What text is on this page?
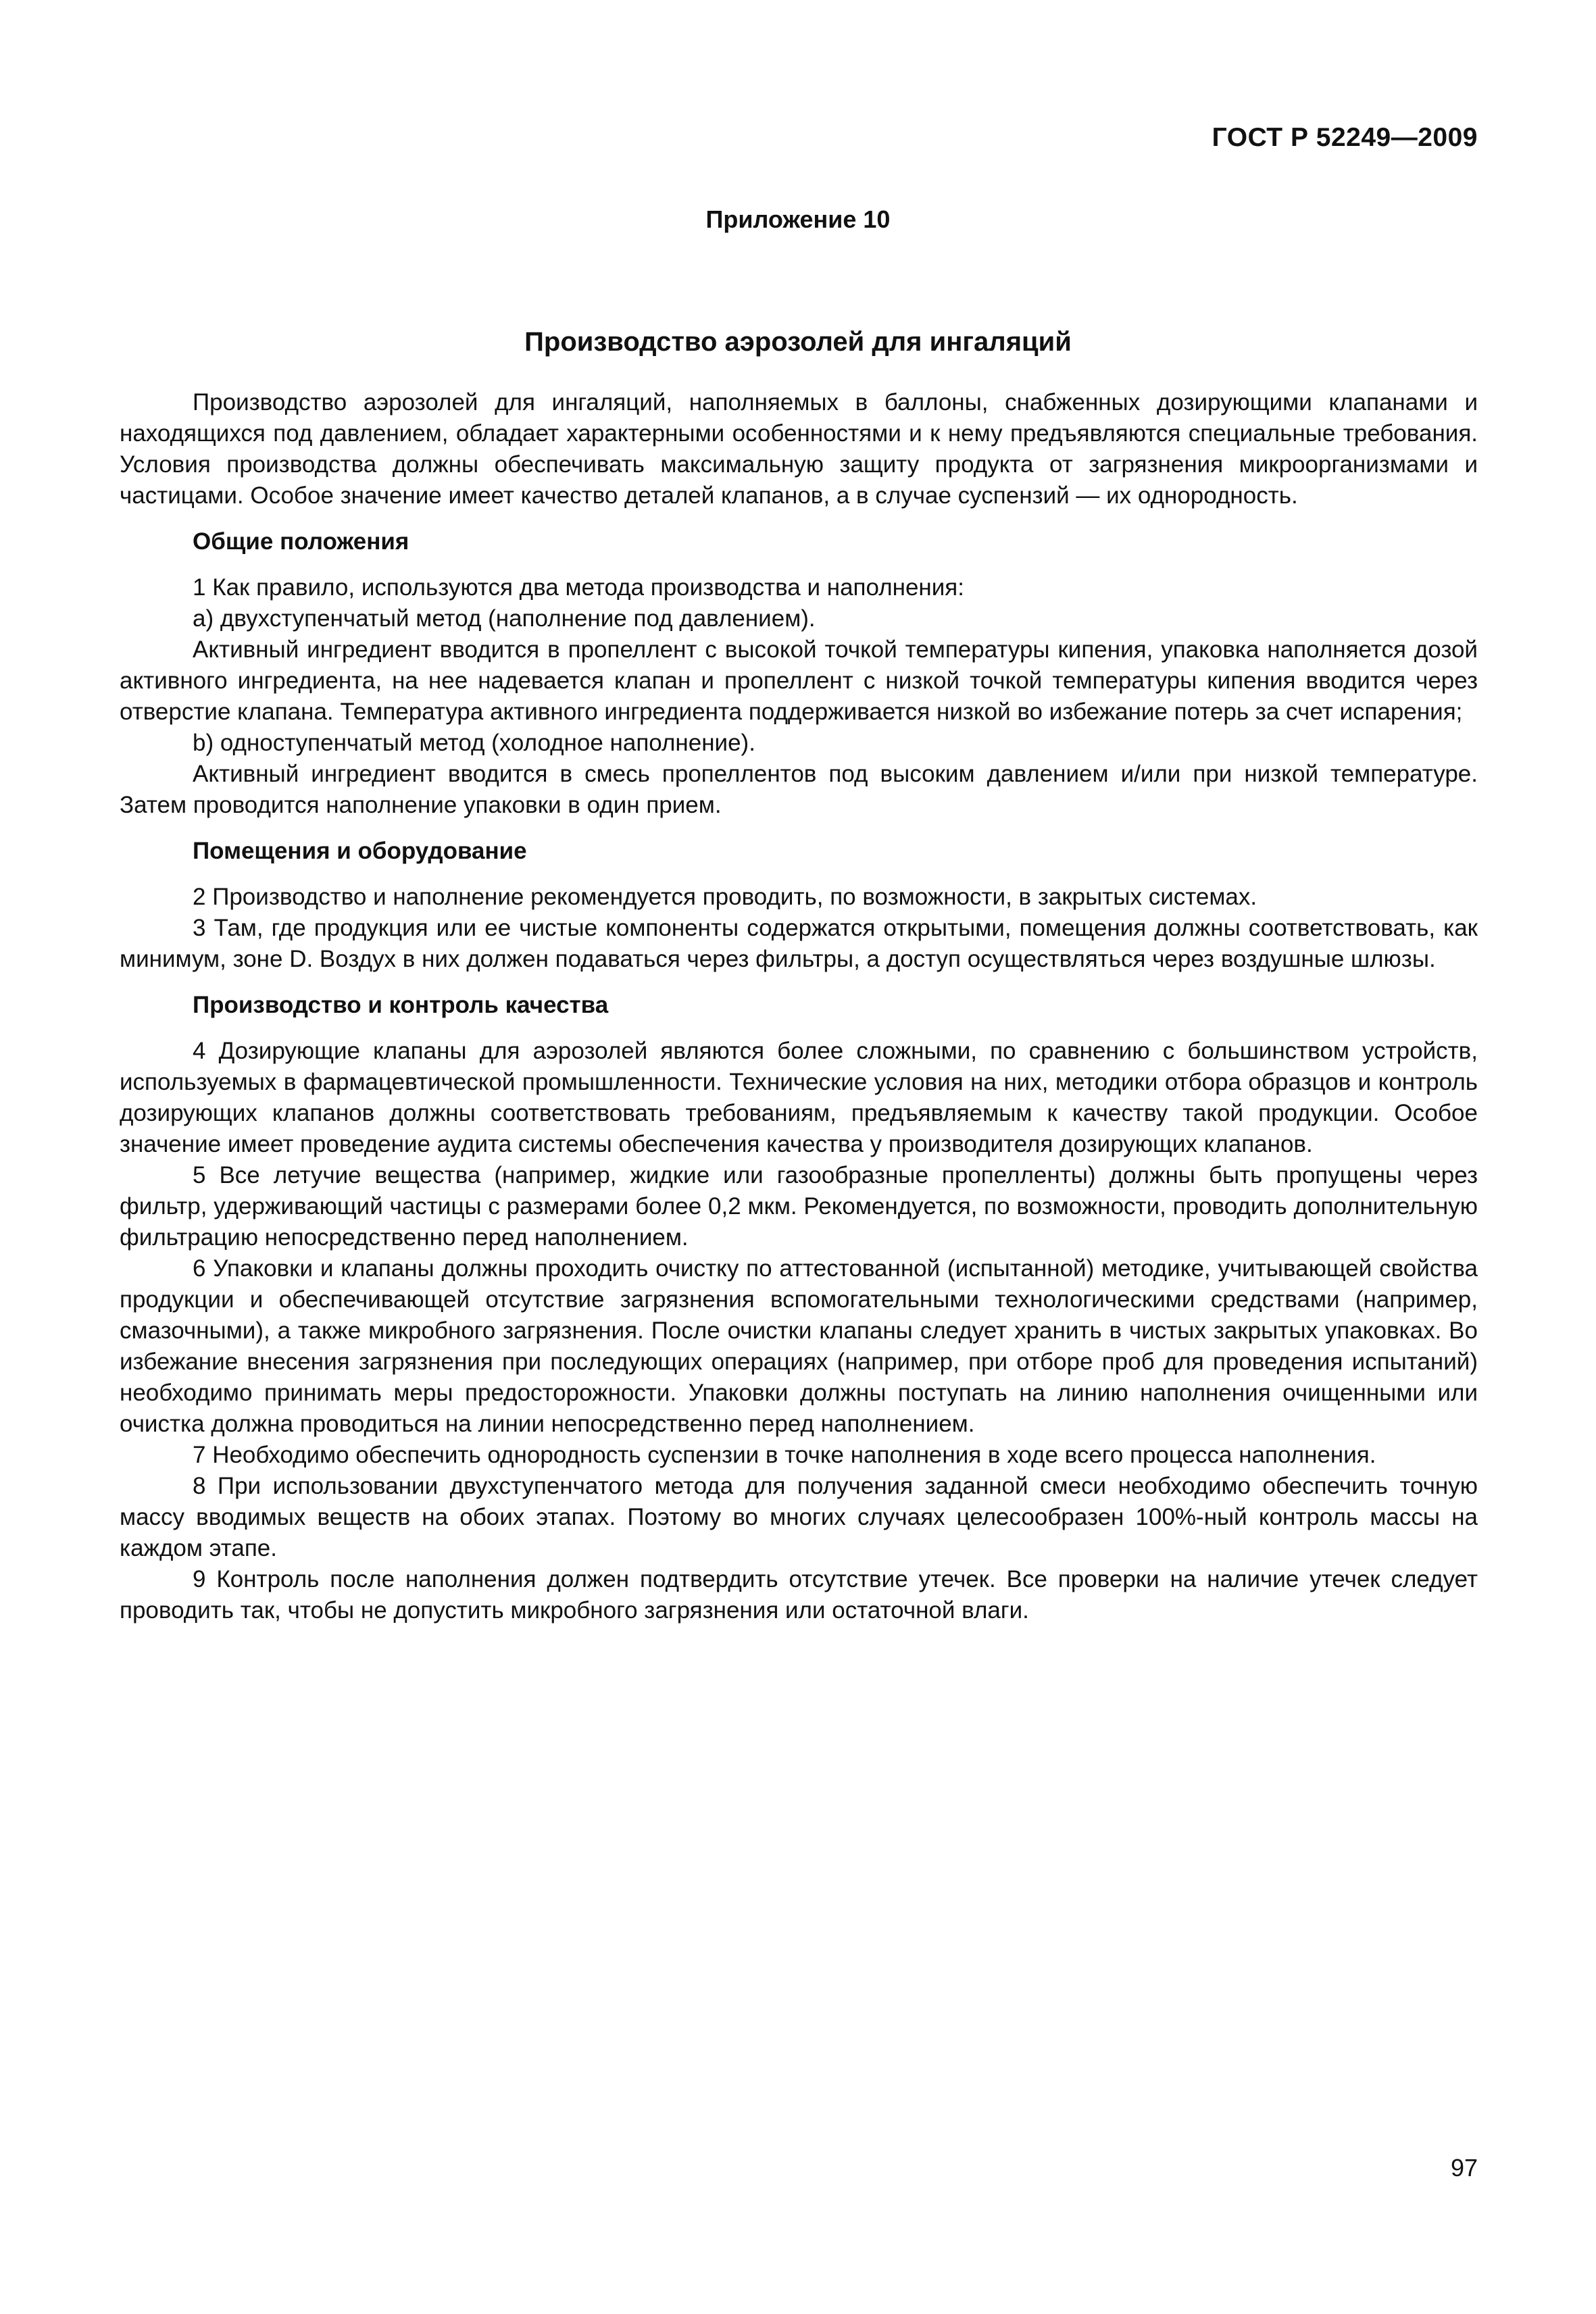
ГОСТ Р 52249—2009
Приложение 10
Производство аэрозолей для ингаляций

Производство аэрозолей для ингаляций, наполняемых в баллоны, снабженных дозирующими клапанами и находящихся под давлением, обладает характерными особенностями и к нему предъявляются специальные требования. Условия производства должны обеспечивать максимальную защиту продукта от загрязнения микроорганизмами и частицами. Особое значение имеет качество деталей клапанов, а в случае суспензий — их однородность.

Общие положения

1 Как правило, используются два метода производства и наполнения:

a) двухступенчатый метод (наполнение под давлением).

Активный ингредиент вводится в пропеллент с высокой точкой температуры кипения, упаковка наполняется дозой активного ингредиента, на нее надевается клапан и пропеллент с низкой точкой температуры кипения вводится через отверстие клапана. Температура активного ингредиента поддерживается низкой во избежание потерь за счет испарения;

b) одноступенчатый метод (холодное наполнение).

Активный ингредиент вводится в смесь пропеллентов под высоким давлением и/или при низкой температуре. Затем проводится наполнение упаковки в один прием.

Помещения и оборудование

2 Производство и наполнение рекомендуется проводить, по возможности, в закрытых системах.

3 Там, где продукция или ее чистые компоненты содержатся открытыми, помещения должны соответствовать, как минимум, зоне D. Воздух в них должен подаваться через фильтры, а доступ осуществляться через воздушные шлюзы.

Производство и контроль качества

4 Дозирующие клапаны для аэрозолей являются более сложными, по сравнению с большинством устройств, используемых в фармацевтической промышленности. Технические условия на них, методики отбора образцов и контроль дозирующих клапанов должны соответствовать требованиям, предъявляемым к качеству такой продукции. Особое значение имеет проведение аудита системы обеспечения качества у производителя дозирующих клапанов.

5 Все летучие вещества (например, жидкие или газообразные пропелленты) должны быть пропущены через фильтр, удерживающий частицы с размерами более 0,2 мкм. Рекомендуется, по возможности, проводить дополнительную фильтрацию непосредственно перед наполнением.

6 Упаковки и клапаны должны проходить очистку по аттестованной (испытанной) методике, учитывающей свойства продукции и обеспечивающей отсутствие загрязнения вспомогательными технологическими средствами (например, смазочными), а также микробного загрязнения. После очистки клапаны следует хранить в чистых закрытых упаковках. Во избежание внесения загрязнения при последующих операциях (например, при отборе проб для проведения испытаний) необходимо принимать меры предосторожности. Упаковки должны поступать на линию наполнения очищенными или очистка должна проводиться на линии непосредственно перед наполнением.

7 Необходимо обеспечить однородность суспензии в точке наполнения в ходе всего процесса наполнения.

8 При использовании двухступенчатого метода для получения заданной смеси необходимо обеспечить точную массу вводимых веществ на обоих этапах. Поэтому во многих случаях целесообразен 100%-ный контроль массы на каждом этапе.

9 Контроль после наполнения должен подтвердить отсутствие утечек. Все проверки на наличие утечек следует проводить так, чтобы не допустить микробного загрязнения или остаточной влаги.

97
